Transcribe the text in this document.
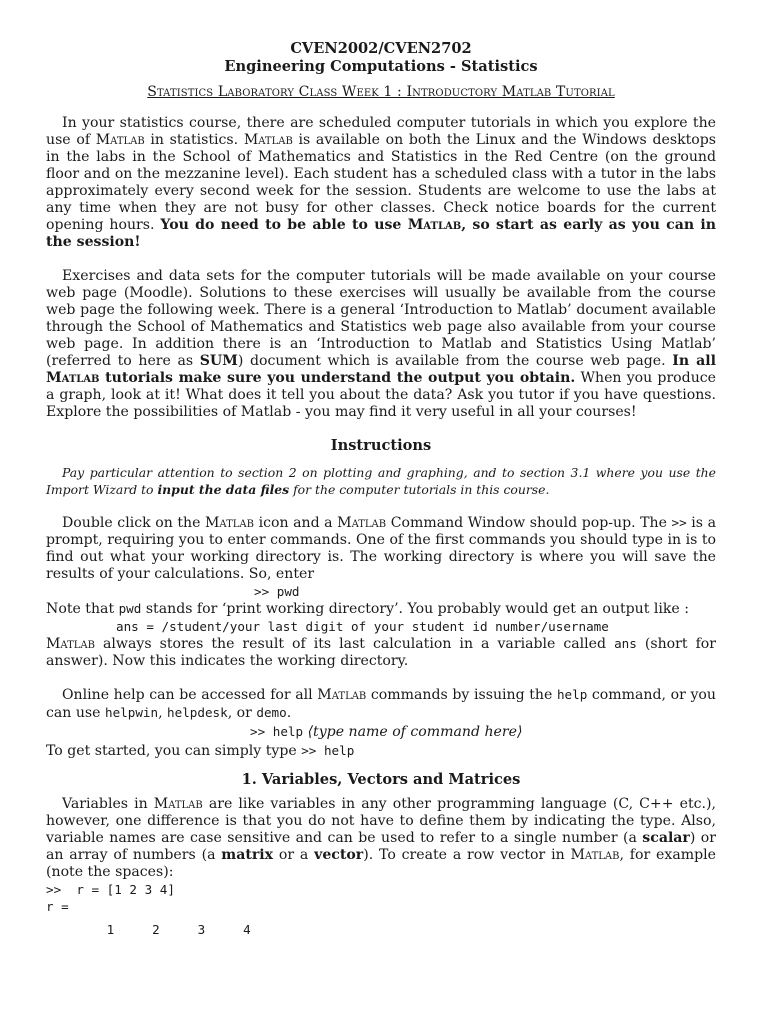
CVEN2002/CVEN2702
Engineering Computations - Statistics
Statistics Laboratory Class Week 1 : Introductory Matlab Tutorial

In your statistics course, there are scheduled computer tutorials in which you explore the use of Matlab in statistics. Matlab is available on both the Linux and the Windows desktops in the labs in the School of Mathematics and Statistics in the Red Centre (on the ground floor and on the mezzanine level). Each student has a scheduled class with a tutor in the labs approximately every second week for the session. Students are welcome to use the labs at any time when they are not busy for other classes. Check notice boards for the current opening hours. You do need to be able to use Matlab, so start as early as you can in the session!

Exercises and data sets for the computer tutorials will be made available on your course web page (Moodle). Solutions to these exercises will usually be available from the course web page the following week. There is a general ‘Introduction to Matlab’ document available through the School of Mathematics and Statistics web page also available from your course web page. In addition there is an ‘Introduction to Matlab and Statistics Using Matlab’ (referred to here as SUM) document which is available from the course web page. In all Matlab tutorials make sure you understand the output you obtain. When you produce a graph, look at it! What does it tell you about the data? Ask you tutor if you have questions. Explore the possibilities of Matlab - you may find it very useful in all your courses!

Instructions
Pay particular attention to section 2 on plotting and graphing, and to section 3.1 where you use the Import Wizard to input the data files for the computer tutorials in this course.

Double click on the Matlab icon and a Matlab Command Window should pop-up. The >> is a prompt, requiring you to enter commands. One of the first commands you should type in is to find out what your working directory is. The working directory is where you will save the results of your calculations. So, enter

>> pwd

Note that pwd stands for ‘print working directory’. You probably would get an output like :

ans = /student/your last digit of your student id number/username

Matlab always stores the result of its last calculation in a variable called ans (short for answer). Now this indicates the working directory.

Online help can be accessed for all Matlab commands by issuing the help command, or you can use helpwin, helpdesk, or demo.

>> help ⟨type name of command here⟩

To get started, you can simply type >> help

1. Variables, Vectors and Matrices

Variables in Matlab are like variables in any other programming language (C, C++ etc.), however, one difference is that you do not have to define them by indicating the type. Also, variable names are case sensitive and can be used to refer to a single number (a scalar) or an array of numbers (a matrix or a vector). To create a row vector in Matlab, for example (note the spaces):

>>  r = [1 2 3 4]
r =
1     2     3     4
